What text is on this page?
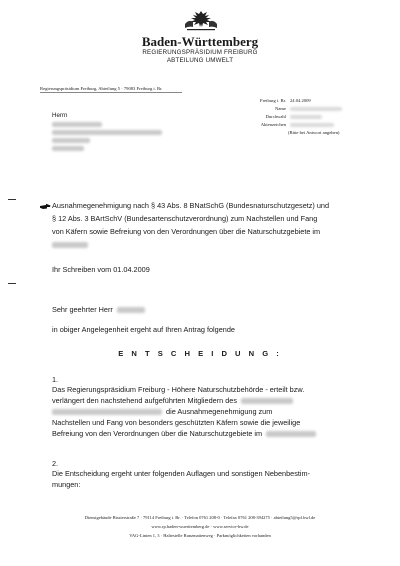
Baden-Württemberg
REGIERUNGSPRÄSIDIUM FREIBURG
ABTEILUNG UMWELT
Regierungspräsidium Freiburg, Abteilung 5 · 79083 Freiburg i. Br.
Herrn
Freiburg i. Br. 24.04.2009
Name
Durchwahl
Aktenzeichen
(Bitte bei Antwort angeben)
Ausnahmegenehmigung nach § 43 Abs. 8 BNatSchG (Bundesnaturschutzgesetz) und
§ 12 Abs. 3 BArtSchV (Bundesartenschutzverordnung) zum Nachstellen und Fang
von Käfern sowie Befreiung von den Verordnungen über die Naturschutzgebiete im
Ihr Schreiben vom 01.04.2009
Sehr geehrter Herr
in obiger Angelegenheit ergeht auf Ihren Antrag folgende
E N T S C H E I D U N G :
1.
Das Regierungspräsidium Freiburg - Höhere Naturschutzbehörde - erteilt bzw.
verlängert den nachstehend aufgeführten Mitgliedern des
die Ausnahmegenehmigung zum
Nachstellen und Fang von besonders geschützten Käfern sowie die jeweilige
Befreiung von den Verordnungen über die Naturschutzgebiete im
2.
Die Entscheidung ergeht unter folgenden Auflagen und sonstigen Nebenbestim-
mungen:
Dienstgebäude Bissierstraße 7 · 79114 Freiburg i. Br. · Telefon 0761 208-0 · Telefax 0761 208-394275 · abteilung5@rpf.bwl.de
www.rp.baden-wuerttemberg.de · www.service-bw.de
VAG-Linien 1, 3 · Haltestelle Runzmattenweg · Parkmöglichkeiten vorhanden
